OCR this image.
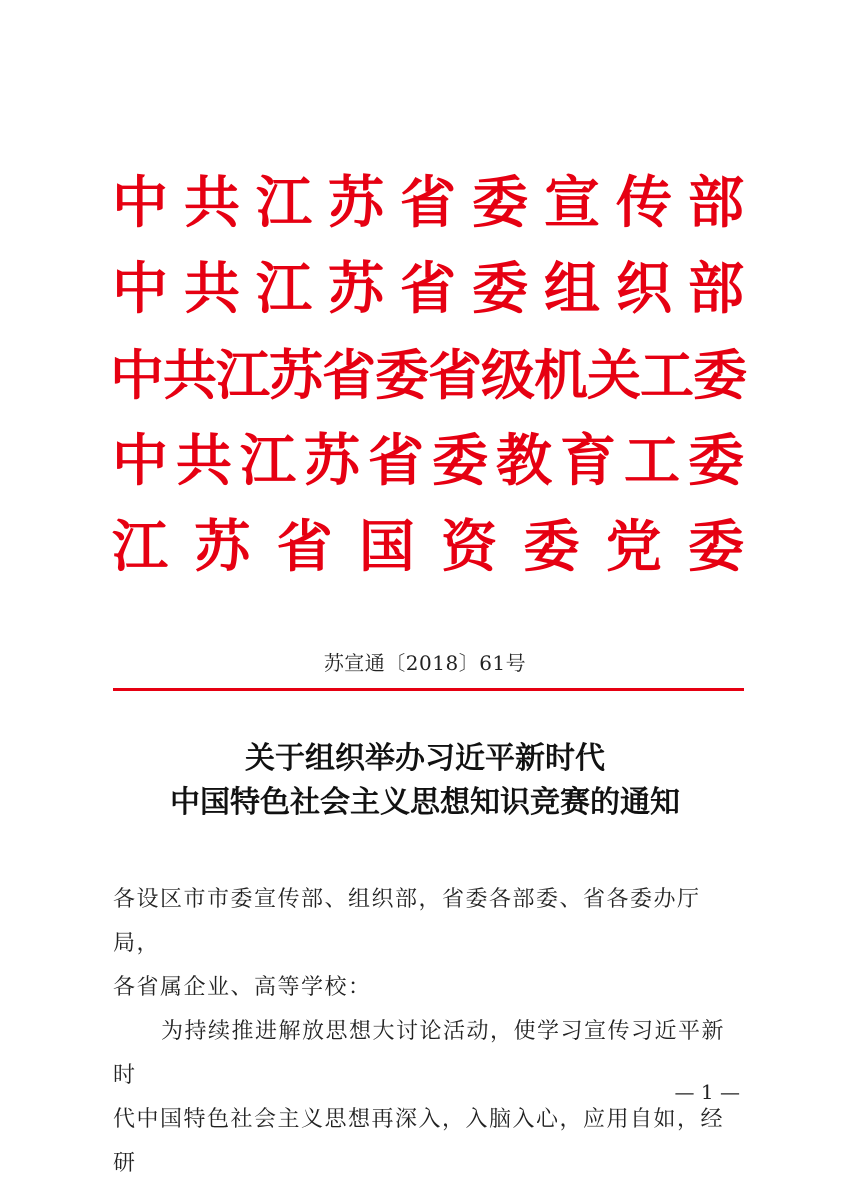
中 共 江 苏 省 委 宣 传 部
中 共 江 苏 省 委 组 织 部
中 共 江 苏 省 委 省 级 机 关 工 委
中 共 江 苏 省 委 教 育 工 委
江 苏 省 国 资 委 党 委
苏宣通〔2018〕61号
关于组织举办习近平新时代
中国特色社会主义思想知识竞赛的通知

各设区市市委宣传部、组织部，省委各部委、省各委办厅局，

各省属企业、高等学校：

为持续推进解放思想大讨论活动，使学习宣传习近平新时

代中国特色社会主义思想再深入，入脑入心，应用自如，经研

— 1 —
